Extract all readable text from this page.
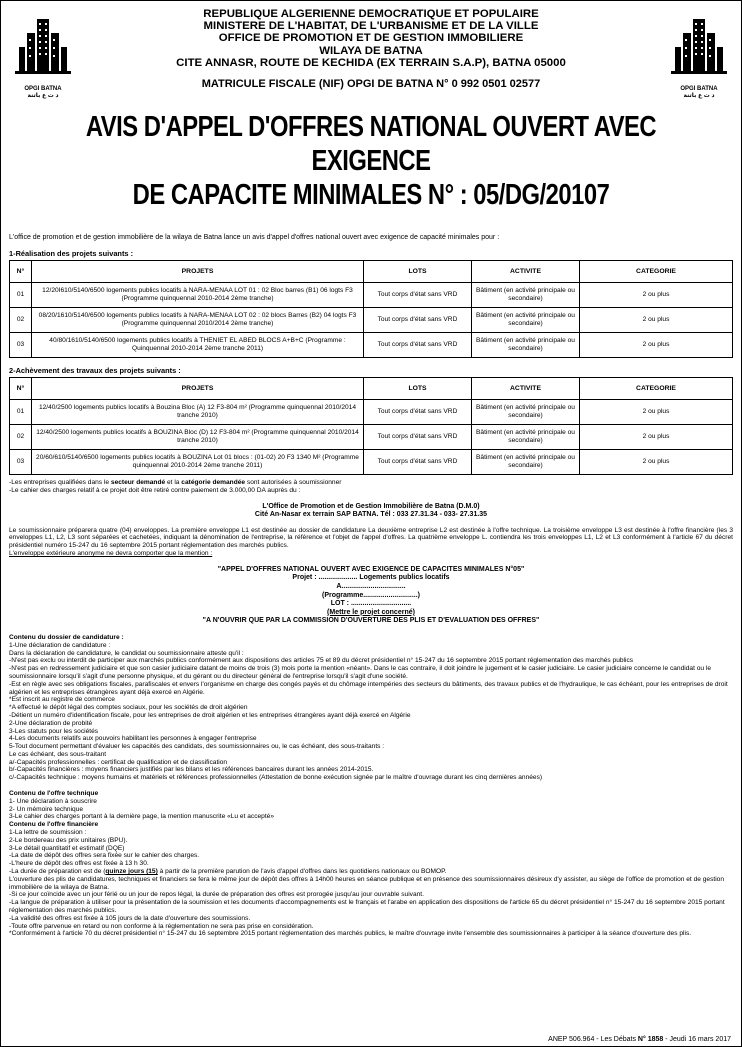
OPGI BATNA
د ت ع باتنة
OPGI BATNA
د ت ع باتنة
REPUBLIQUE ALGERIENNE DEMOCRATIQUE ET POPULAIRE
MINISTERE DE L'HABITAT, DE L'URBANISME ET DE LA VILLE
OFFICE DE PROMOTION ET DE GESTION IMMOBILIERE
WILAYA DE BATNA
CITE ANNASR, ROUTE DE KECHIDA (EX TERRAIN S.A.P), BATNA 05000
MATRICULE FISCALE (NIF) OPGI DE BATNA N° 0 992 0501 02577
AVIS D'APPEL D'OFFRES NATIONAL OUVERT AVEC EXIGENCE
DE CAPACITE MINIMALES N° : 05/DG/20107
L'office de promotion et de gestion immobilière de la wilaya de Batna lance un avis d'appel d'offres national ouvert avec exigence de capacité minimales pour :
1-Réalisation des projets suivants :
N°	PROJETS	LOTS	ACTIVITE	CATEGORIE
01	12/20I610/5140/6500 logements publics locatifs à NARA-MENAA LOT 01 : 02 Bloc barres (B1) 06 logts F3 (Programme quinquennal 2010-2014 2ème tranche)	Tout corps d'état sans VRD	Bâtiment (en activité principale ou secondaire)	2 ou plus
02	08/20/1610/5140/6500 logements publics locatifs à NARA-MENAA LOT 02 : 02 blocs Barres (B2) 04 logts F3 (Programme quinquennal 2010/2014 2ème tranche)	Tout corps d'état sans VRD	Bâtiment (en activité principale ou secondaire)	2 ou plus
03	40/80/1610/5140/6500 logements publics locatifs à THENIET EL ABED BLOCS A+B+C (Programme : Quinquennal 2010-2014 2ème tranche 2011)	Tout corps d'état sans VRD	Bâtiment (en activité principale ou secondaire)	2 ou plus
2-Achèvement des travaux des projets suivants :
N°	PROJETS	LOTS	ACTIVITE	CATEGORIE
01	12/40/2500 logements publics locatifs à Bouzina Bloc (A) 12 F3-804 m² (Programme quinquennal 2010/2014 tranche 2010)	Tout corps d'état sans VRD	Bâtiment (en activité principale ou secondaire)	2 ou plus
02	12/40/2500 logements publics locatifs à BOUZINA Bloc (D) 12 F3-804 m² (Programme quinquennal 2010/2014 tranche 2010)	Tout corps d'état sans VRD	Bâtiment (en activité principale ou secondaire)	2 ou plus
03	20/60/610/5140/6500 logements publics locatifs à BOUZINA Lot 01 blocs : (01-02) 20 F3 1340 M² (Programme quinquennal 2010-2014 2ème tranche 2011)	Tout corps d'état sans VRD	Bâtiment (en activité principale ou secondaire)	2 ou plus
-Les entreprises qualifiées dans le secteur demandé et la catégorie demandée sont autorisées à soumissionner
-Le cahier des charges relatif à ce projet doit être retiré contre paiement de 3.000,00 DA auprès du :
L'Office de Promotion et de Gestion Immobilière de Batna (D.M.0)
Cité An-Nasar ex terrain SAP BATNA. Tél : 033 27.31.34 - 033- 27.31.35
Le soumissionnaire préparera quatre (04) enveloppes. La première enveloppe L1 est destinée au dossier de candidature La deuxième entreprise L2 est destinée à l'offre technique. La troisième enveloppe L3 est destinée à l'offre financière (les 3 enveloppes L1, L2, L3 sont séparées et cachetées, indiquant la dénomination de l'entreprise, la référence et l'objet de l'appel d'offres. La quatrième enveloppe L. contiendra les trois enveloppes L1, L2 et L3 conformément à l'article 67 du décret présidentiel numéro 15-247 du 16 septembre 2015 portant réglementation des marchés publics.
L'enveloppe extérieure anonyme ne devra comporter que la mention :
"APPEL D'OFFRES NATIONAL OUVERT AVEC EXIGENCE DE CAPACITES MINIMALES N°05"
Projet : .................... Logements publics locatifs
A.................................
(Programme............................)
LOT : ...............................
(Mettre le projet concerné)
"A N'OUVRIR QUE PAR LA COMMISSION D'OUVERTURE DES PLIS ET D'EVALUATION DES OFFRES"
Contenu du dossier de candidature :
1-Une déclaration de candidature :
Dans la déclaration de candidature, le candidat ou soumissionnaire atteste qu'il :
-N'est pas exclu ou interdit de participer aux marchés publics conformément aux dispositions des articles 75 et 89 du décret présidentiel n° 15-247 du 16 septembre 2015 portant réglementation des marchés publics
-N'est pas en redressement judiciaire et que son casier judiciaire datant de moins de trois (3) mois porte la mention «néant». Dans le cas contraire, il doit joindre le jugement et le casier judiciaire. Le casier judiciaire concerne le candidat ou le soumissionnaire lorsqu'il s'agit d'une personne physique, et du gérant ou du directeur général de l'entreprise lorsqu'il s'agit d'une société.
-Est en règle avec ses obligations fiscales, parafiscales et envers l'organisme en charge des congés payés et du chômage intempéries des secteurs du bâtiments, des travaux publics et de l'hydraulique, le cas échéant, pour les entreprises de droit algérien et les entreprises étrangères ayant déjà exercé en Algérie.
*Est inscrit au registre de commerce
*A effectué le dépôt légal des comptes sociaux, pour les sociétés de droit algérien
-Détient un numéro d'identification fiscale, pour les entreprises de droit algérien et les entreprises étrangères ayant déjà exercé en Algérie
2-Une déclaration de probité
3-Les statuts pour les sociétés
4-Les documents relatifs aux pouvoirs habilitant les personnes à engager l'entreprise
5-Tout document permettant d'évaluer les capacités des candidats, des soumissionnaires ou, le cas échéant, des sous-traitants :
Le cas échéant, des sous-traitant
a/-Capacités professionnelles : certificat de qualification et de classification
b/-Capacités financières : moyens financiers justifiés par les bilans et les références bancaires durant les années 2014-2015.
c/-Capacités technique : moyens humains et matériels et références professionnelles (Attestation de bonne exécution signée par le maître d'ouvrage durant les cinq dernières années)
Contenu de l'offre technique
1- Une déclaration à souscrire
2- Un mémoire technique
3-Le cahier des charges portant à la dernière page, la mention manuscrite «Lu et accepté»
Contenu de l'offre financière
1-La lettre de soumission :
2-Le bordereau des prix unitaires (BPU).
3-Le détail quantitatif et estimatif (DQE)
-La date de dépôt des offres sera fixée sur le cahier des charges.
-L'heure de dépôt des offres est fixée à 13 h 30.
-La durée de préparation est de (quinze jours (15) à partir de la première parution de l'avis d'appel d'offres dans les quotidiens nationaux ou BOMOP.
L'ouverture des plis de candidatures, techniques et financiers se fera le même jour de dépôt des offres à 14h00 heures en séance publique et en présence des soumissionnaires désireux d'y assister, au siège de l'office de promotion et de gestion immobilière de la wilaya de Batna.
-Si ce jour coïncide avec un jour férié ou un jour de repos légal, la durée de préparation des offres est prorogée jusqu'au jour ouvrable suivant.
-La langue de préparation à utiliser pour la présentation de la soumission et les documents d'accompagnements est le français et l'arabe en application des dispositions de l'article 65 du décret présidentiel n° 15-247 du 16 septembre 2015 portant réglementation des marchés publics.
-La validité des offres est fixée à 105 jours de la date d'ouverture des soumissions.
-Toute offre parvenue en retard ou non conforme à la réglementation ne sera pas prise en considération.
*Conformément à l'article 70 du décret présidentiel n° 15-247 du 16 septembre 2015 portant réglementation des marchés publics, le maître d'ouvrage invite l'ensemble des soumissionnaires à participer à la séance d'ouverture des plis.
ANEP 506.964 - Les Débats N° 1858 - Jeudi 16 mars 2017
